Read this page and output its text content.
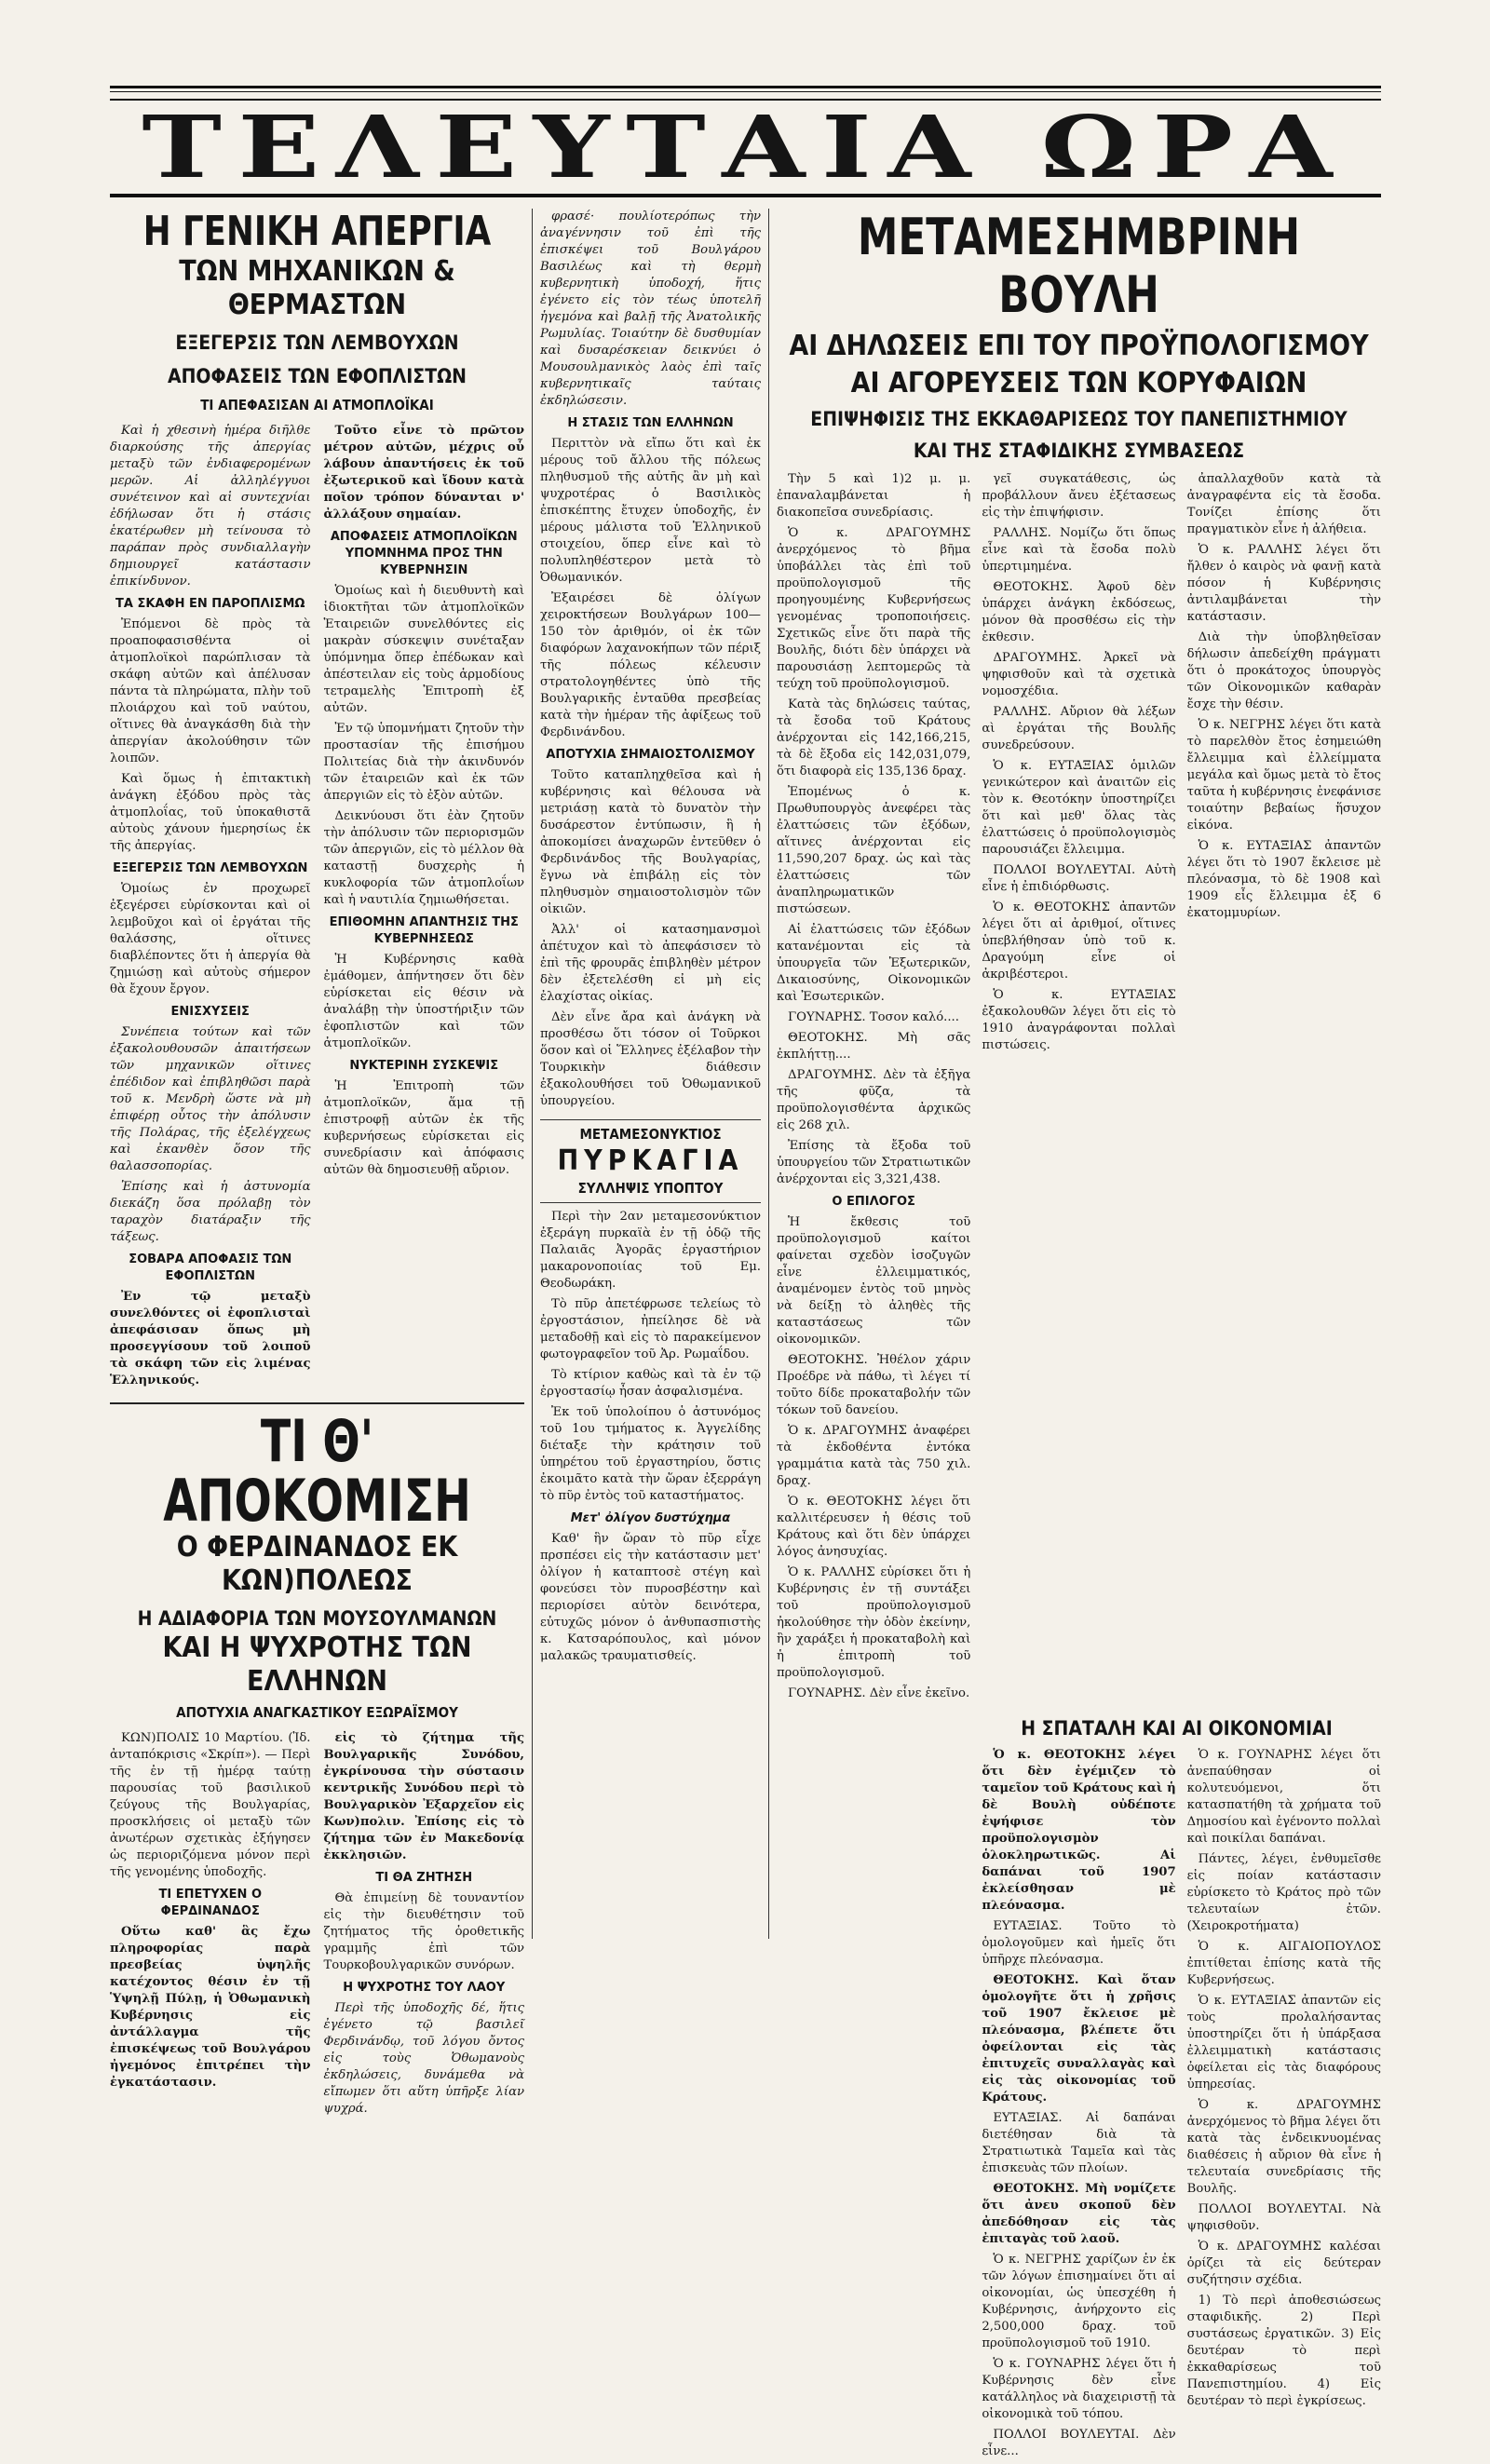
ΤΕΛΕΥΤΑΙΑ ΩΡΑ
Η ΓΕΝΙΚΗ ΑΠΕΡΓΙΑ
ΤΩΝ ΜΗΧΑΝΙΚΩΝ & ΘΕΡΜΑΣΤΩΝ
ΕΞΕΓΕΡΣΙΣ ΤΩΝ ΛΕΜΒΟΥΧΩΝ
ΑΠΟΦΑΣΕΙΣ ΤΩΝ ΕΦΟΠΛΙΣΤΩΝ
ΤΙ ΑΠΕΦΑΣΙΣΑΝ ΑΙ ΑΤΜΟΠΛΟΪΚΑΙ

Καὶ ἡ χθεσινὴ ἡμέρα διῆλθε διαρκούσης τῆς ἀπεργίας μεταξὺ τῶν ἐνδιαφερομένων μερῶν. Αἱ ἀλληλέγγυοι συνέτεινον καὶ αἱ συντεχνίαι ἐδήλωσαν ὅτι ἡ στάσις ἑκατέρωθεν μὴ τείνουσα τὸ παράπαν πρὸς συνδιαλλαγὴν δημιουργεῖ κατάστασιν ἐπικίνδυνον.

ΤΑ ΣΚΑΦΗ ΕΝ ΠΑΡΟΠΛΙΣΜΩ

Ἐπόμενοι δὲ πρὸς τὰ προαποφασισθέντα οἱ ἀτμοπλοϊκοὶ παρώπλισαν τὰ σκάφη αὐτῶν καὶ ἀπέλυσαν πάντα τὰ πληρώματα, πλὴν τοῦ πλοιάρχου καὶ τοῦ ναύτου, οἵτινες θὰ ἀναγκάσθη διὰ τὴν ἀπεργίαν ἀκολούθησιν τῶν λοιπῶν.

Καὶ ὅμως ἡ ἐπιτακτικὴ ἀνάγκη ἐξόδου πρὸς τὰς ἀτμοπλοΐας, τοῦ ὑποκαθιστᾶ αὐτοὺς χάνουν ἡμερησίως ἐκ τῆς ἀπεργίας.

ΕΞΕΓΕΡΣΙΣ ΤΩΝ ΛΕΜΒΟΥΧΩΝ

Ὁμοίως ἐν προχωρεῖ ἐξεγέρσει εὑρίσκονται καὶ οἱ λεμβοῦχοι καὶ οἱ ἐργάται τῆς θαλάσσης, οἵτινες διαβλέποντες ὅτι ἡ ἀπεργία θὰ ζημιώσῃ καὶ αὐτοὺς σήμερον θὰ ἔχουν ἔργον.

ΕΝΙΣΧΥΣΕΙΣ

Συνέπεια τούτων καὶ τῶν ἐξακολουθουσῶν ἀπαιτήσεων τῶν μηχανικῶν οἵτινες ἐπέδιδον καὶ ἐπιβληθῶσι παρὰ τοῦ κ. Μενδρὴ ὥστε νὰ μὴ ἐπιφέρῃ οὗτος τὴν ἀπόλυσιν τῆς Πολάρας, τῆς ἐξελέγχεως καὶ ἐκανθὲν ὅσον τῆς θαλασσοπορίας.

Ἐπίσης καὶ ἡ ἀστυνομία διεκάζη ὅσα πρόλαβῃ τὸν ταραχὸν διατάραξιν τῆς τάξεως.

ΣΟΒΑΡΑ ΑΠΟΦΑΣΙΣ ΤΩΝ ΕΦΟΠΛΙΣΤΩΝ

Ἐν τῷ μεταξὺ συνελθόντες οἱ ἐφοπλισταὶ ἀπεφάσισαν ὅπως μὴ προσεγγίσουν τοῦ λοιποῦ τὰ σκάφη τῶν εἰς λιμένας Ἑλληνικούς.

Τοῦτο εἶνε τὸ πρῶτον μέτρον αὐτῶν, μέχρις οὗ λάβουν ἀπαντήσεις ἐκ τοῦ ἐξωτερικοῦ καὶ ἴδουν κατὰ ποῖον τρόπον δύνανται ν' ἀλλάξουν σημαίαν.

ΑΠΟΦΑΣΕΙΣ ΑΤΜΟΠΛΟΪΚΩΝ ΥΠΟΜΝΗΜΑ ΠΡΟΣ ΤΗΝ ΚΥΒΕΡΝΗΣΙΝ

Ὁμοίως καὶ ἡ διευθυντὴ καὶ ἰδιοκτῆται τῶν ἀτμοπλοϊκῶν Ἑταιρειῶν συνελθόντες εἰς μακρὰν σύσκεψιν συνέταξαν ὑπόμνημα ὅπερ ἐπέδωκαν καὶ ἀπέστειλαν εἰς τοὺς ἁρμοδίους τετραμελὴς Ἐπιτροπὴ ἐξ αὐτῶν.

Ἐν τῷ ὑπομνήματι ζητοῦν τὴν προστασίαν τῆς ἐπισήμου Πολιτείας διὰ τὴν ἀκινδυνόν τῶν ἐταιρειῶν καὶ ἐκ τῶν ἀπεργιῶν εἰς τὸ ἐξὸν αὐτῶν.

Δεικνύουσι ὅτι ἐὰν ζητοῦν τὴν ἀπόλυσιν τῶν περιορισμῶν τῶν ἀπεργιῶν, εἰς τὸ μέλλον θὰ καταστῇ δυσχερὴς ἡ κυκλοφορία τῶν ἀτμοπλοΐων καὶ ἡ ναυτιλία ζημιωθήσεται.

ΕΠΙΘΟΜΗΝ ΑΠΑΝΤΗΣΙΣ ΤΗΣ ΚΥΒΕΡΝΗΣΕΩΣ

Ἡ Κυβέρνησις καθὰ ἐμάθομεν, ἀπήντησεν ὅτι δὲν εὑρίσκεται εἰς θέσιν νὰ ἀναλάβῃ τὴν ὑποστήριξιν τῶν ἐφοπλιστῶν καὶ τῶν ἀτμοπλοϊκῶν.

ΝΥΚΤΕΡΙΝΗ ΣΥΣΚΕΨΙΣ

Ἡ Ἐπιτροπὴ τῶν ἀτμοπλοϊκῶν, ἅμα τῇ ἐπιστροφῇ αὐτῶν ἐκ τῆς κυβερνήσεως εὑρίσκεται εἰς συνεδρίασιν καὶ ἀπόφασις αὐτῶν θὰ δημοσιευθῇ αὔριον.

ΤΙ Θ' ΑΠΟΚΟΜΙΣΗ
Ο ΦΕΡΔΙΝΑΝΔΟΣ ΕΚ ΚΩΝ)ΠΟΛΕΩΣ
Η ΑΔΙΑΦΟΡΙΑ ΤΩΝ ΜΟΥΣΟΥΛΜΑΝΩΝ
ΚΑΙ Η ΨΥΧΡΟΤΗΣ ΤΩΝ ΕΛΛΗΝΩΝ
ΑΠΟΤΥΧΙΑ ΑΝΑΓΚΑΣΤΙΚΟΥ ΕΞΩΡΑΪΣΜΟΥ

ΚΩΝ)ΠΟΛΙΣ 10 Μαρτίου. (Ἰδ. ἀνταπόκρισις «Σκρίπ»). — Περὶ τῆς ἐν τῇ ἡμέρᾳ ταύτῃ παρουσίας τοῦ βασιλικοῦ ζεύγους τῆς Βουλγαρίας, προσκλήσεις οἱ μεταξὺ τῶν ἀνωτέρων σχετικὰς ἐξήγησεν ὡς περιοριζόμενα μόνον περὶ τῆς γενομένης ὑποδοχῆς.

ΤΙ ΕΠΕΤΥΧΕΝ Ο ΦΕΡΔΙΝΑΝΔΟΣ

Οὕτω καθ' ἃς ἔχω πληροφορίας παρὰ πρεσβείας ὑψηλῆς κατέχοντος θέσιν ἐν τῇ Ὑψηλῇ Πύλῃ, ἡ Ὀθωμανικὴ Κυβέρνησις εἰς ἀντάλλαγμα τῆς ἐπισκέψεως τοῦ Βουλγάρου ἠγεμόνος ἐπιτρέπει τὴν ἐγκατάστασιν.

εἰς τὸ ζήτημα τῆς Βουλγαρικῆς Συνόδου, ἐγκρίνουσα τὴν σύστασιν κεντρικῆς Συνόδου περὶ τὸ Βουλγαρικὸν Ἐξαρχεῖον εἰς Κων)πολιν. Ἐπίσης εἰς τὸ ζήτημα τῶν ἐν Μακεδονίᾳ ἐκκλησιῶν.

ΤΙ ΘΑ ΖΗΤΗΣΗ

Θὰ ἐπιμείνῃ δὲ τουναντίον εἰς τὴν διευθέτησιν τοῦ ζητήματος τῆς ὁροθετικῆς γραμμῆς ἐπὶ τῶν Τουρκοβουλγαρικῶν συνόρων.

Η ΨΥΧΡΟΤΗΣ ΤΟΥ ΛΑΟΥ

Περὶ τῆς ὑποδοχῆς δέ, ἥτις ἐγένετο τῷ βασιλεῖ Φερδινάνδῳ, τοῦ λόγου ὄντος εἰς τοὺς Ὀθωμανοὺς ἐκδηλώσεις, δυνάμεθα νὰ εἴπωμεν ὅτι αὕτη ὑπῆρξε λίαν ψυχρά.

φρασέ· πουλίοτερόπως τὴν ἀναγέννησιν τοῦ ἐπὶ τῆς ἐπισκέψει τοῦ Βουλγάρου Βασιλέως καὶ τὴ θερμὴ κυβερνητικὴ ὑποδοχή, ἥτις ἐγένετο εἰς τὸν τέως ὑποτελῆ ἡγεμόνα καὶ βαλῇ τῆς Ἀνατολικῆς Ρωμυλίας. Τοιαύτην δὲ δυσθυμίαν καὶ δυσαρέσκειαν δεικνύει ὁ Μουσουλμανικὸς λαὸς ἐπὶ ταῖς κυβερνητικαῖς ταύταις ἐκδηλώσεσιν.

Η ΣΤΑΣΙΣ ΤΩΝ ΕΛΛΗΝΩΝ

Περιττὸν νὰ εἴπω ὅτι καὶ ἐκ μέρους τοῦ ἄλλου τῆς πόλεως πληθυσμοῦ τῆς αὐτῆς ἂν μὴ καὶ ψυχροτέρας ὁ Βασιλικὸς ἐπισκέπτης ἔτυχεν ὑποδοχῆς, ἐν μέρους μάλιστα τοῦ Ἑλληνικοῦ στοιχείου, ὅπερ εἶνε καὶ τὸ πολυπληθέστερον μετὰ τὸ Ὀθωμανικόν.

Ἐξαιρέσει δὲ ὀλίγων χειροκτήσεων Βουλγάρων 100—150 τὸν ἀριθμόν, οἱ ἐκ τῶν διαφόρων λαχανοκήπων τῶν πέριξ τῆς πόλεως κέλευσιν στρατολογηθέντες ὑπὸ τῆς Βουλγαρικῆς ἐνταῦθα πρεσβείας κατὰ τὴν ἡμέραν τῆς ἀφίξεως τοῦ Φερδινάνδου.

ΑΠΟΤΥΧΙΑ ΣΗΜΑΙΟΣΤΟΛΙΣΜΟΥ

Τοῦτο καταπληχθεῖσα καὶ ἡ κυβέρνησις καὶ θέλουσα νὰ μετριάσῃ κατὰ τὸ δυνατὸν τὴν δυσάρεστον ἐντύπωσιν, ἣ ἡ ἀποκομίσει ἀναχωρῶν ἐντεῦθεν ὁ Φερδινάνδος τῆς Βουλγαρίας, ἔγνω νὰ ἐπιβάλῃ εἰς τὸν πληθυσμὸν σημαιοστολισμὸν τῶν οἰκιῶν.

Ἀλλ' οἱ κατασημανσμοὶ ἀπέτυχον καὶ τὸ ἀπεφάσισεν τὸ ἐπὶ τῆς φρουρᾶς ἐπιβληθὲν μέτρον δὲν ἐξετελέσθη εἰ μὴ εἰς ἐλαχίστας οἰκίας.

Δὲν εἶνε ἄρα καὶ ἀνάγκη νὰ προσθέσω ὅτι τόσον οἱ Τοῦρκοι ὅσον καὶ οἱ Ἕλληνες ἐξέλαβον τὴν Τουρκικὴν διάθεσιν ἐξακολουθήσει τοῦ Ὀθωμανικοῦ ὑπουργείου.

ΜΕΤΑΜΕΣΟΝΥΚΤΙΟΣ
ΠΥΡΚΑΓΙΑ
ΣΥΛΛΗΨΙΣ ΥΠΟΠΤΟΥ

Περὶ τὴν 2αν μεταμεσονύκτιον ἐξεράγη πυρκαϊὰ ἐν τῇ ὁδῷ τῆς Παλαιᾶς Ἀγορᾶς ἐργαστήριον μακαρονοποιίας τοῦ Εμ. Θεοδωράκη.

Τὸ πῦρ ἀπετέφρωσε τελείως τὸ ἐργοστάσιον, ἠπείλησε δὲ νὰ μεταδοθῇ καὶ εἰς τὸ παρακείμενον φωτογραφεῖον τοῦ Ἀρ. Ρωμαΐδου.

Τὸ κτίριον καθὼς καὶ τὰ ἐν τῷ ἐργοστασίῳ ἦσαν ἀσφαλισμένα.

Ἐκ τοῦ ὑπολοίπου ὁ ἀστυνόμος τοῦ 1ου τμήματος κ. Ἀγγελίδης διέταξε τὴν κράτησιν τοῦ ὑπηρέτου τοῦ ἐργαστηρίου, ὅστις ἐκοιμᾶτο κατὰ τὴν ὥραν ἐξερράγη τὸ πῦρ ἐντὸς τοῦ καταστήματος.

Μετ' ὀλίγον δυστύχημα

Καθ' ἣν ὥραν τὸ πῦρ εἶχε πρσπέσει εἰς τὴν κατάστασιν μετ' ὀλίγον ἡ καταπτοσὲ στέγη καὶ φονεύσει τὸν πυροσβέστην καὶ περιορίσει αὐτὸν δεινότερα, εὐτυχῶς μόνον ὁ ἀνθυπασπιστὴς κ. Κατσαρόπουλος, καὶ μόνον μαλακῶς τραυματισθείς.

ΜΕΤΑΜΕΣΗΜΒΡΙΝΗ ΒΟΥΛΗ
ΑΙ ΔΗΛΩΣΕΙΣ ΕΠΙ ΤΟΥ ΠΡΟΫΠΟΛΟΓΙΣΜΟΥ
ΑΙ ΑΓΟΡΕΥΣΕΙΣ ΤΩΝ ΚΟΡΥΦΑΙΩΝ
ΕΠΙΨΗΦΙΣΙΣ ΤΗΣ ΕΚΚΑΘΑΡΙΣΕΩΣ ΤΟΥ ΠΑΝΕΠΙΣΤΗΜΙΟΥ
ΚΑΙ ΤΗΣ ΣΤΑΦΙΔΙΚΗΣ ΣΥΜΒΑΣΕΩΣ

Τὴν 5 καὶ 1)2 μ. μ. ἐπαναλαμβάνεται ἡ διακοπεῖσα συνεδρίασις.

Ὁ κ. ΔΡΑΓΟΥΜΗΣ ἀνερχόμενος τὸ βῆμα ὑποβάλλει τὰς ἐπὶ τοῦ προϋπολογισμοῦ τῆς προηγουμένης Κυβερνήσεως γενομένας τροποποιήσεις. Σχετικῶς εἶνε ὅτι παρὰ τῆς Βουλῆς, διότι δὲν ὑπάρχει νὰ παρουσιάσῃ λεπτομερῶς τὰ τεύχη τοῦ προϋπολογισμοῦ.

Κατὰ τὰς δηλώσεις ταύτας, τὰ ἔσοδα τοῦ Κράτους ἀνέρχονται εἰς 142,166,215, τὰ δὲ ἔξοδα εἰς 142,031,079, ὅτι διαφορὰ εἰς 135,136 δραχ.

Ἐπομένως ὁ κ. Πρωθυπουργὸς ἀνεφέρει τὰς ἐλαττώσεις τῶν ἐξόδων, αἵτινες ἀνέρχονται εἰς 11,590,207 δραχ. ὡς καὶ τὰς ἐλαττώσεις τῶν ἀναπληρωματικῶν πιστώσεων.

Αἱ ἐλαττώσεις τῶν ἐξόδων κατανέμονται εἰς τὰ ὑπουργεῖα τῶν Ἐξωτερικῶν, Δικαιοσύνης, Οἰκονομικῶν καὶ Ἐσωτερικῶν.

ΓΟΥΝΑΡΗΣ. Τοσον καλό....

ΘΕΟΤΟΚΗΣ. Μὴ σᾶς ἐκπλήττῃ....

ΔΡΑΓΟΥΜΗΣ. Δὲν τὰ ἐξῆγα τῆς φῦζα, τὰ προϋπολογισθέντα ἀρχικῶς εἰς 268 χιλ.

Ἐπίσης τὰ ἔξοδα τοῦ ὑπουργείου τῶν Στρατιωτικῶν ἀνέρχονται εἰς 3,321,438.

Ο ΕΠΙΛΟΓΟΣ

Ἡ ἔκθεσις τοῦ προϋπολογισμοῦ καίτοι φαίνεται σχεδὸν ἰσοζυγῶν εἶνε ἐλλειμματικός, ἀναμένομεν ἐντὸς τοῦ μηνὸς νὰ δείξῃ τὸ ἀληθὲς τῆς καταστάσεως τῶν οἰκονομικῶν.

ΘΕΟΤΟΚΗΣ. Ἠθέλον χάριν Προέδρε νὰ πάθω, τὶ λέγει τί τοῦτο δίδε προκαταβολήν τῶν τόκων τοῦ δανείου.

Ὁ κ. ΔΡΑΓΟΥΜΗΣ ἀναφέρει τὰ ἐκδοθέντα ἐντόκα γραμμάτια κατὰ τὰς 750 χιλ. δραχ.

Ὁ κ. ΘΕΟΤΟΚΗΣ λέγει ὅτι καλλιτέρευσεν ἡ θέσις τοῦ Κράτους καὶ ὅτι δὲν ὑπάρχει λόγος ἀνησυχίας.

Ὁ κ. ΡΑΛΛΗΣ εὑρίσκει ὅτι ἡ Κυβέρνησις ἐν τῇ συντάξει τοῦ προϋπολογισμοῦ ἠκολούθησε τὴν ὁδὸν ἐκείνην, ἣν χαράξει ἡ προκαταβολὴ καὶ ἡ ἐπιτροπὴ τοῦ προϋπολογισμοῦ.

ΓΟΥΝΑΡΗΣ. Δὲν εἶνε ἐκεῖνο.

γεῖ συγκατάθεσις, ὡς προβάλλουν ἄνευ ἐξέτασεως εἰς τὴν ἐπιψήφισιν.

ΡΑΛΛΗΣ. Νομίζω ὅτι ὅπως εἶνε καὶ τὰ ἔσοδα πολὺ ὑπερτιμημένα.

ΘΕΟΤΟΚΗΣ. Ἀφοῦ δὲν ὑπάρχει ἀνάγκη ἐκδόσεως, μόνον θὰ προσθέσω εἰς τὴν ἐκθεσιν.

ΔΡΑΓΟΥΜΗΣ. Ἀρκεῖ νὰ ψηφισθοῦν καὶ τὰ σχετικὰ νομοσχέδια.

ΡΑΛΛΗΣ. Αὔριον θὰ λέξων αὶ ἐργάται τῆς Βουλῆς συνεδρεύσουν.

Ὁ κ. ΕΥΤΑΞΙΑΣ ὁμιλῶν γενικώτερον καὶ ἀναιτῶν εἰς τὸν κ. Θεοτόκην ὑποστηρίζει ὅτι καὶ μεθ' ὅλας τὰς ἐλαττώσεις ὁ προϋπολογισμὸς παρουσιάζει ἔλλειμμα.

ΠΟΛΛΟΙ ΒΟΥΛΕΥΤΑΙ. Αὐτὴ εἶνε ἡ ἐπιδιόρθωσις.

Ὁ κ. ΘΕΟΤΟΚΗΣ ἀπαντῶν λέγει ὅτι αἱ ἀριθμοί, οἵτινες ὑπεβλήθησαν ὑπὸ τοῦ κ. Δραγούμη εἶνε οἱ ἀκριβέστεροι.

Ὁ κ. ΕΥΤΑΞΙΑΣ ἐξακολουθῶν λέγει ὅτι εἰς τὸ 1910 ἀναγράφονται πολλαὶ πιστώσεις.

ἀπαλλαχθοῦν κατὰ τὰ ἀναγραφέντα εἰς τὰ ἔσοδα. Τονίζει ἐπίσης ὅτι πραγματικὸν εἶνε ἡ ἀλήθεια.

Ὁ κ. ΡΑΛΛΗΣ λέγει ὅτι ἤλθεν ὁ καιρὸς νὰ φανῇ κατὰ πόσον ἡ Κυβέρνησις ἀντιλαμβάνεται τὴν κατάστασιν.

Διὰ τὴν ὑποβληθεῖσαν δήλωσιν ἀπεδείχθη πράγματι ὅτι ὁ προκάτοχος ὑπουργὸς τῶν Οἰκονομικῶν καθαρὰν ἔσχε τὴν θέσιν.

Ὁ κ. ΝΕΓΡΗΣ λέγει ὅτι κατὰ τὸ παρελθὸν ἔτος ἐσημειώθη ἔλλειμμα καὶ ἐλλείμματα μεγάλα καὶ ὅμως μετὰ τὸ ἔτος ταῦτα ἡ κυβέρνησις ἐνεφάνισε τοιαύτην βεβαίως ἥσυχον εἰκόνα.

Ὁ κ. ΕΥΤΑΞΙΑΣ ἀπαντῶν λέγει ὅτι τὸ 1907 ἔκλεισε μὲ πλεόνασμα, τὸ δὲ 1908 καὶ 1909 εἶς ἔλλειμμα ἐξ 6 ἑκατομμυρίων.

Η ΣΠΑΤΑΛΗ ΚΑΙ ΑΙ ΟΙΚΟΝΟΜΙΑΙ

Ὁ κ. ΘΕΟΤΟΚΗΣ λέγει ὅτι δὲν ἐγέμιζεν τὸ ταμεῖον τοῦ Κράτους καὶ ἡ δὲ Βουλὴ οὐδέποτε ἐψήφισε τὸν προϋπολογισμὸν ὁλοκληρωτικῶς. Αἱ δαπάναι τοῦ 1907 ἐκλείσθησαν μὲ πλεόνασμα.

ΕΥΤΑΞΙΑΣ. Τοῦτο τὸ ὁμολογοῦμεν καὶ ἡμεῖς ὅτι ὑπῆρχε πλεόνασμα.

ΘΕΟΤΟΚΗΣ. Καὶ ὅταν ὁμολογῆτε ὅτι ἡ χρῆσις τοῦ 1907 ἔκλεισε μὲ πλεόνασμα, βλέπετε ὅτι ὀφείλονται εἰς τὰς ἐπιτυχεῖς συναλλαγὰς καὶ εἰς τὰς οἰκονομίας τοῦ Κράτους.

ΕΥΤΑΞΙΑΣ. Αἱ δαπάναι διετέθησαν διὰ τὰ Στρατιωτικὰ Ταμεῖα καὶ τὰς ἐπισκευὰς τῶν πλοίων.

ΘΕΟΤΟΚΗΣ. Μὴ νομίζετε ὅτι ἀνευ σκοποῦ δὲν ἀπεδόθησαν εἰς τὰς ἐπιταγὰς τοῦ λαοῦ.

Ὁ κ. ΝΕΓΡΗΣ χαρίζων ἐν ἐκ τῶν λόγων ἐπισημαίνει ὅτι αἱ οἰκονομίαι, ὡς ὑπεσχέθη ἡ Κυβέρνησις, ἀνήρχοντο εἰς 2,500,000 δραχ. τοῦ προϋπολογισμοῦ τοῦ 1910.

Ὁ κ. ΓΟΥΝΑΡΗΣ λέγει ὅτι ἡ Κυβέρνησις δὲν εἶνε κατάλληλος νὰ διαχειριστῇ τὰ οἰκονομικὰ τοῦ τόπου.

ΠΟΛΛΟΙ ΒΟΥΛΕΥΤΑΙ. Δὲν εἶνε...

Ὁ κ. ΓΟΥΝΑΡΗΣ λέγει ὅτι ἀνεπαύθησαν οἱ κολυτευόμενοι, ὅτι κατασπατήθη τὰ χρήματα τοῦ Δημοσίου καὶ ἐγένοντο πολλαὶ καὶ ποικίλαι δαπάναι.

Πάντες, λέγει, ἐνθυμεῖσθε εἰς ποίαν κατάστασιν εὑρίσκετο τὸ Κράτος πρὸ τῶν τελευταίων ἐτῶν. (Χειροκροτήματα)

Ὁ κ. ΑΙΓΑΙΟΠΟΥΛΟΣ ἐπιτίθεται ἐπίσης κατὰ τῆς Κυβερνήσεως.

Ὁ κ. ΕΥΤΑΞΙΑΣ ἀπαντῶν εἰς τοὺς προλαλήσαντας ὑποστηρίζει ὅτι ἡ ὑπάρξασα ἐλλειμματικὴ κατάστασις ὀφείλεται εἰς τὰς διαφόρους ὑπηρεσίας.

Ὁ κ. ΔΡΑΓΟΥΜΗΣ ἀνερχόμενος τὸ βῆμα λέγει ὅτι κατὰ τὰς ἐνδεικνυομένας διαθέσεις ἡ αὔριον θὰ εἶνε ἡ τελευταία συνεδρίασις τῆς Βουλῆς.

ΠΟΛΛΟΙ ΒΟΥΛΕΥΤΑΙ. Νὰ ψηφισθοῦν.

Ὁ κ. ΔΡΑΓΟΥΜΗΣ καλέσαι ὁρίζει τὰ εἰς δεύτεραν συζήτησιν σχέδια.

1) Τὸ περὶ ἀποθεσιώσεως σταφιδικῆς. 2) Περὶ συστάσεως ἐργατικῶν. 3) Εἰς δευτέραν τὸ περὶ ἐκκαθαρίσεως τοῦ Πανεπιστημίου. 4) Εἰς δευτέραν τὸ περὶ ἐγκρίσεως.
